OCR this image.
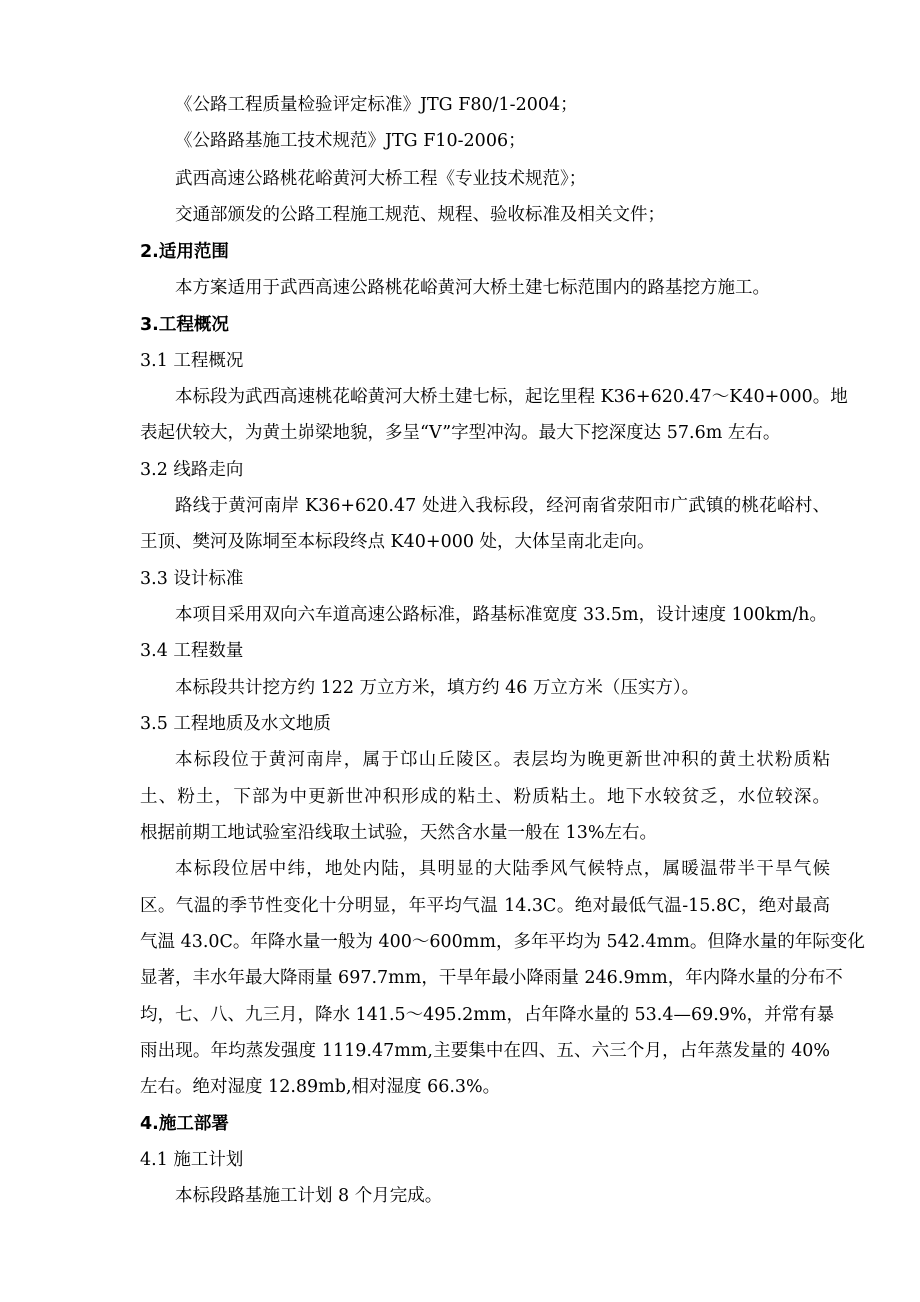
《公路工程质量检验评定标准》JTG F80/1-2004；
《公路路基施工技术规范》JTG F10-2006；
武西高速公路桃花峪黄河大桥工程《专业技术规范》；
交通部颁发的公路工程施工规范、规程、验收标准及相关文件；
2.适用范围
本方案适用于武西高速公路桃花峪黄河大桥土建七标范围内的路基挖方施工。
3.工程概况
3.1 工程概况
本标段为武西高速桃花峪黄河大桥土建七标，起讫里程 K36+620.47～K40+000。地
表起伏较大，为黄土峁梁地貌，多呈“V”字型冲沟。最大下挖深度达 57.6m 左右。
3.2 线路走向
路线于黄河南岸 K36+620.47 处进入我标段，经河南省荥阳市广武镇的桃花峪村、
王顶、樊河及陈垌至本标段终点 K40+000 处，大体呈南北走向。
3.3 设计标准
本项目采用双向六车道高速公路标准，路基标准宽度 33.5m，设计速度 100km/h。
3.4 工程数量
本标段共计挖方约 122 万立方米，填方约 46 万立方米（压实方）。
3.5 工程地质及水文地质
本标段位于黄河南岸，属于邙山丘陵区。表层均为晚更新世冲积的黄土状粉质粘
土、粉土，下部为中更新世冲积形成的粘土、粉质粘土。地下水较贫乏，水位较深。
根据前期工地试验室沿线取土试验，天然含水量一般在 13%左右。
本标段位居中纬，地处内陆，具明显的大陆季风气候特点，属暖温带半干旱气候
区。气温的季节性变化十分明显，年平均气温 14.3C。绝对最低气温-15.8C，绝对最高
气温 43.0C。年降水量一般为 400～600mm，多年平均为 542.4mm。但降水量的年际变化
显著，丰水年最大降雨量 697.7mm，干旱年最小降雨量 246.9mm，年内降水量的分布不
均，七、八、九三月，降水 141.5～495.2mm，占年降水量的 53.4—69.9%，并常有暴
雨出现。年均蒸发强度 1119.47mm,主要集中在四、五、六三个月，占年蒸发量的 40%
左右。绝对湿度 12.89mb,相对湿度 66.3%。
4.施工部署
4.1 施工计划
本标段路基施工计划 8 个月完成。
